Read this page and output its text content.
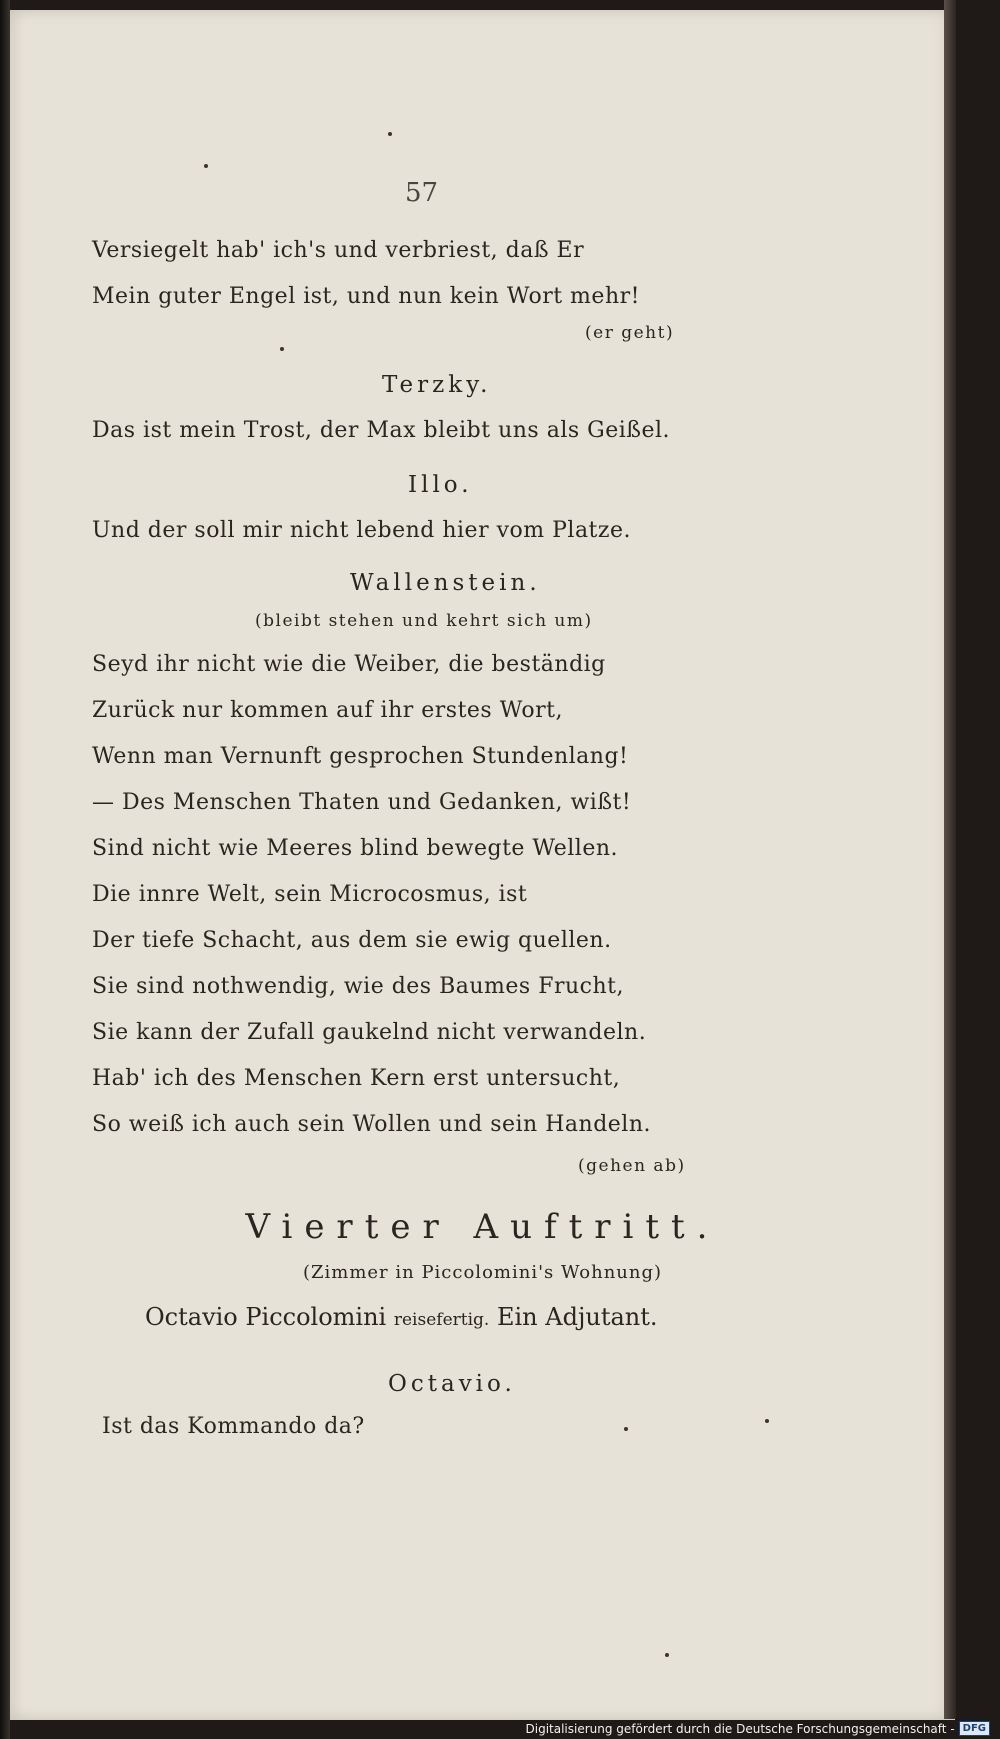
57
Versiegelt hab' ich's und verbriest, daß Er
Mein guter Engel ist, und nun kein Wort mehr!
(er geht)
Terzky.
Das ist mein Trost, der Max bleibt uns als Geißel.
Illo.
Und der soll mir nicht lebend hier vom Platze.
Wallenstein.
(bleibt stehen und kehrt sich um)
Seyd ihr nicht wie die Weiber, die beständig
Zurück nur kommen auf ihr erstes Wort,
Wenn man Vernunft gesprochen Stundenlang!
— Des Menschen Thaten und Gedanken, wißt!
Sind nicht wie Meeres blind bewegte Wellen.
Die innre Welt, sein Microcosmus, ist
Der tiefe Schacht, aus dem sie ewig quellen.
Sie sind nothwendig, wie des Baumes Frucht,
Sie kann der Zufall gaukelnd nicht verwandeln.
Hab' ich des Menschen Kern erst untersucht,
So weiß ich auch sein Wollen und sein Handeln.
(gehen ab)
Vierter Auftritt.
(Zimmer in Piccolomini's Wohnung)
Octavio Piccolomini reisefertig. Ein Adjutant.
Octavio.
Ist das Kommando da?
Digitalisierung gefördert durch die Deutsche Forschungsgemeinschaft - DFG
